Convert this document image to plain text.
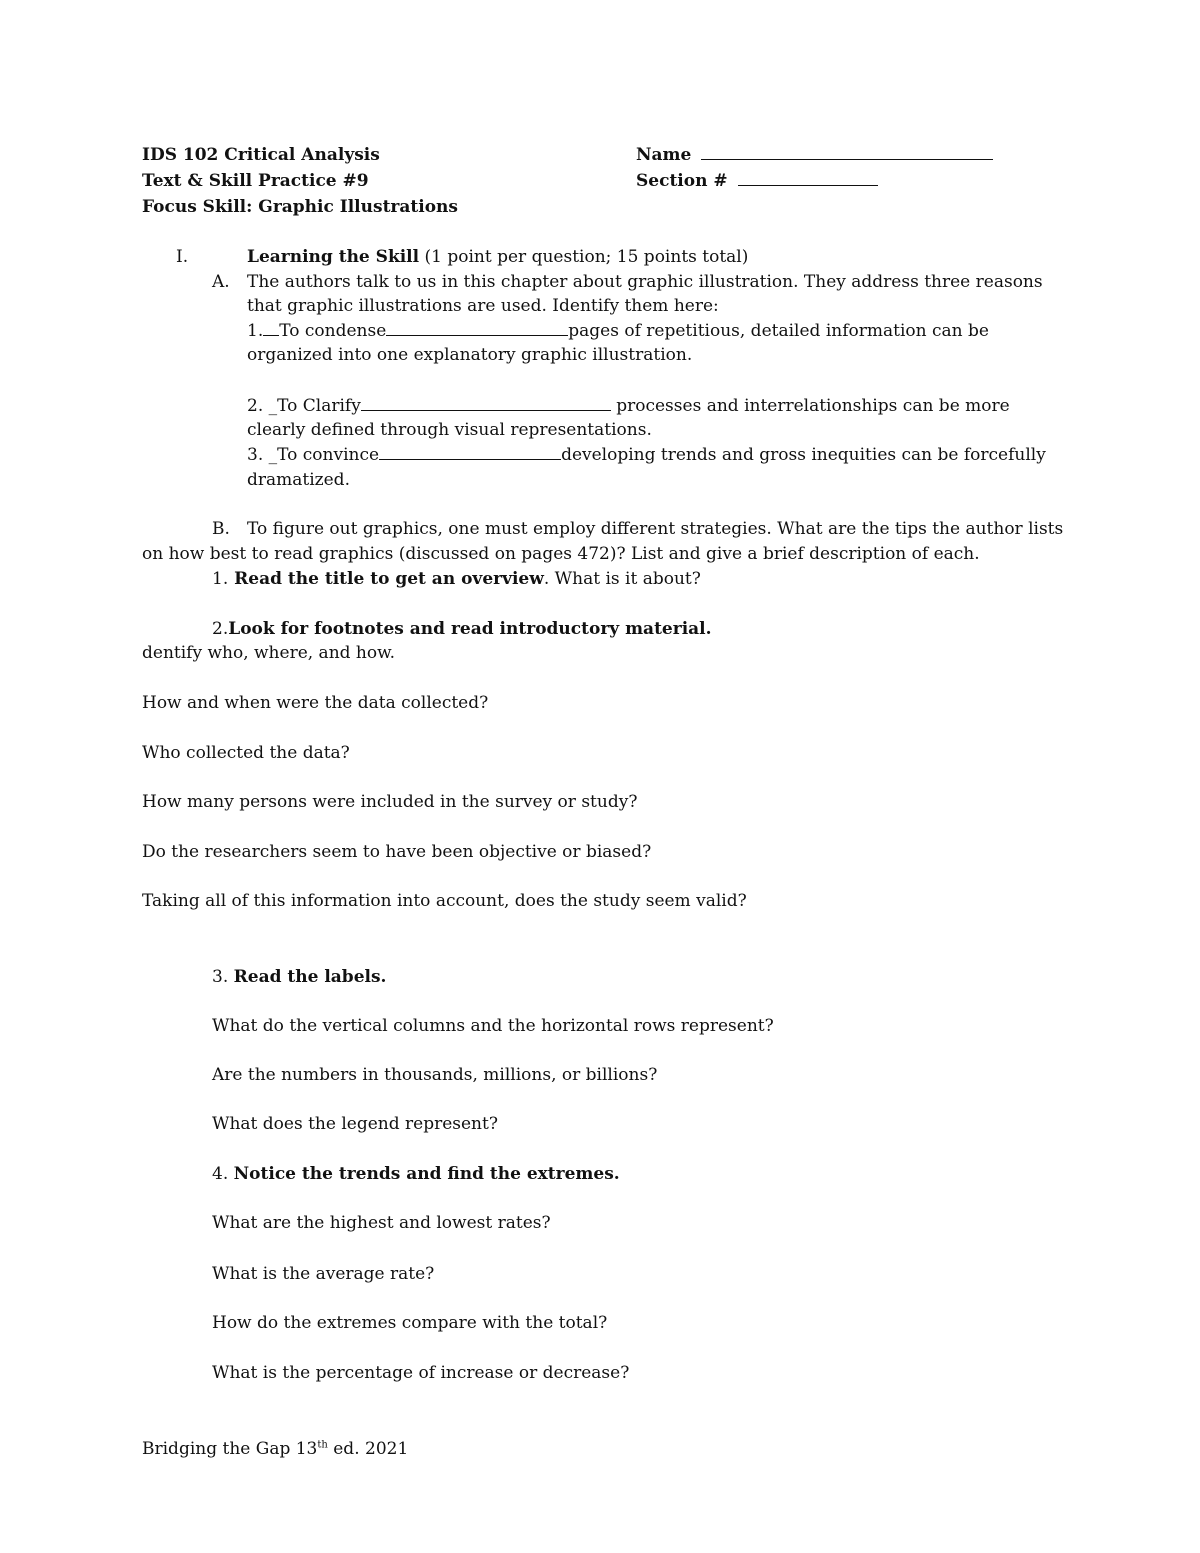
IDS 102 Critical Analysis
Text & Skill Practice #9
Focus Skill: Graphic Illustrations
Name
Section #
I.	Learning the Skill (1 point per question; 15 points total)
A. The authors talk to us in this chapter about graphic illustration. They address three reasons
that graphic illustrations are used. Identify them here:
1. To condense	pages of repetitious, detailed information can be
organized into one explanatory graphic illustration.
2. _To Clarify	processes and interrelationships can be more
clearly defined through visual representations.
3. _To convince	developing trends and gross inequities can be forcefully
dramatized.
B. To figure out graphics, one must employ different strategies. What are the tips the author lists
on how best to read graphics (discussed on pages 472)? List and give a brief description of each.
1. Read the title to get an overview. What is it about?
2.Look for footnotes and read introductory material.
dentify who, where, and how.
How and when were the data collected?
Who collected the data?
How many persons were included in the survey or study?
Do the researchers seem to have been objective or biased?
Taking all of this information into account, does the study seem valid?
3. Read the labels.
What do the vertical columns and the horizontal rows represent?
Are the numbers in thousands, millions, or billions?
What does the legend represent?
4. Notice the trends and find the extremes.
What are the highest and lowest rates?
What is the average rate?
How do the extremes compare with the total?
What is the percentage of increase or decrease?
Bridging the Gap 13th ed. 2021
